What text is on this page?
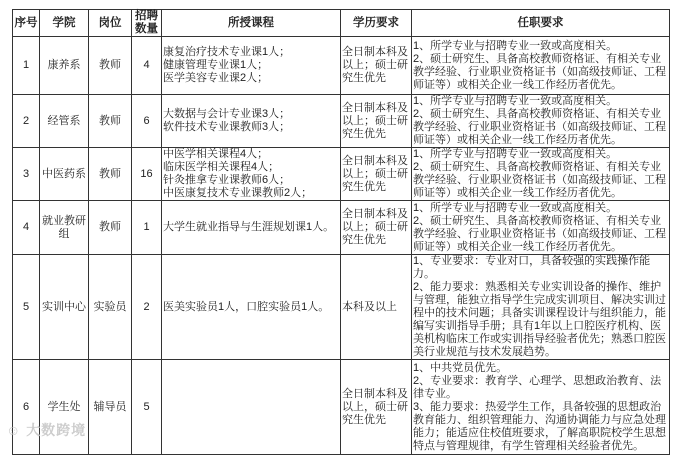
序号	学院	岗位	招聘数量	所授课程	学历要求	任职要求
1	康养系	教师	4	康复治疗技术专业课1人；
健康管理专业课1人；
医学美容专业课2人；	全日制本科及以上；硕士研究生优先	1、所学专业与招聘专业一致或高度相关。
2、硕士研究生、具备高校教师资格证、有相关专业教学经验、行业职业资格证书（如高级技师证、工程师证等）或相关企业一线工作经历者优先。

2	经管系	教师	6	大数据与会计专业课3人；
软件技术专业课教师3人；	全日制本科及以上；硕士研究生优先	1、所学专业与招聘专业一致或高度相关。
2、硕士研究生、具备高校教师资格证、有相关专业教学经验、行业职业资格证书（如高级技师证、工程师证等）或相关企业一线工作经历者优先。

3	中医药系	教师	16	中医学相关课程4人；
临床医学相关课程4人；
针灸推拿专业课教师6人；
中医康复技术专业课教师2人；	全日制本科及以上；硕士研究生优先	1、所学专业与招聘专业一致或高度相关。
2、硕士研究生、具备高校教师资格证、有相关专业教学经验、行业职业资格证书（如高级技师证、工程师证等）或相关企业一线工作经历者优先。

4	就业教研组	教师	1	大学生就业指导与生涯规划课1人。	全日制本科及以上；硕士研究生优先	1、所学专业与招聘专业一致或高度相关。
2、硕士研究生、具备高校教师资格证、有相关专业教学经验、行业职业资格证书（如高级技师证、工程师证等）或相关企业一线工作经历者优先。

5	实训中心	实验员	2	医美实验员1人，口腔实验员1人。	本科及以上	1、专业要求：专业对口，具备较强的实践操作能力。
2、能力要求：熟悉相关专业实训设备的操作、维护与管理，能独立指导学生完成实训项目、解决实训过程中的技术问题；具备实训课程设计与组织能力，能编写实训指导手册；具有1年以上口腔医疗机构、医美机构临床工作或实训指导经验者优先；熟悉口腔医美行业规范与技术发展趋势。

6	学生处	辅导员	5		全日制本科及以上，硕士研究生优先	1、中共党员优先。
2、专业要求：教育学、心理学、思想政治教育、法律专业。
3、能力要求：热爱学生工作，具备较强的思想政治教育能力、组织管理能力、沟通协调能力与应急处理能力；能适应住校值班要求，了解高职院校学生思想特点与管理规律，有学生管理相关经验者优先。
☺ 大数跨境
